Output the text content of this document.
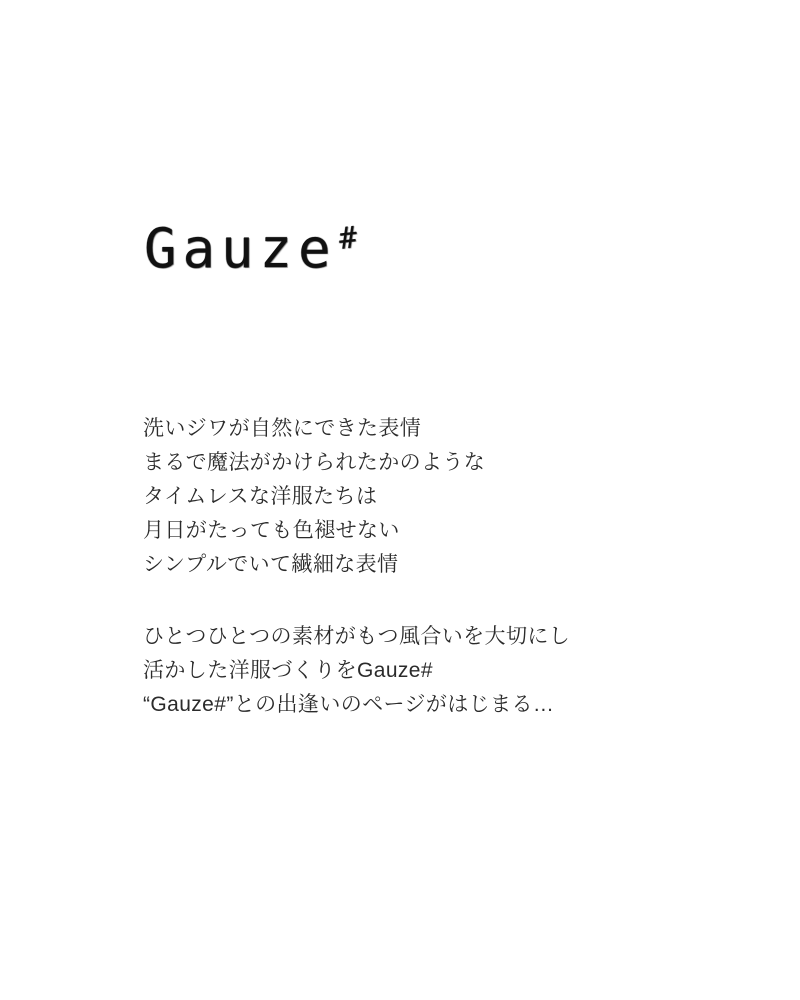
Gauze #
洗いジワが自然にできた表情
まるで魔法がかけられたかのような
タイムレスな洋服たちは
月日がたっても色褪せない
シンプルでいて繊細な表情
ひとつひとつの素材がもつ風合いを大切にし
活かした洋服づくりをGauze#
“Gauze#”との出逢いのページがはじまる…
